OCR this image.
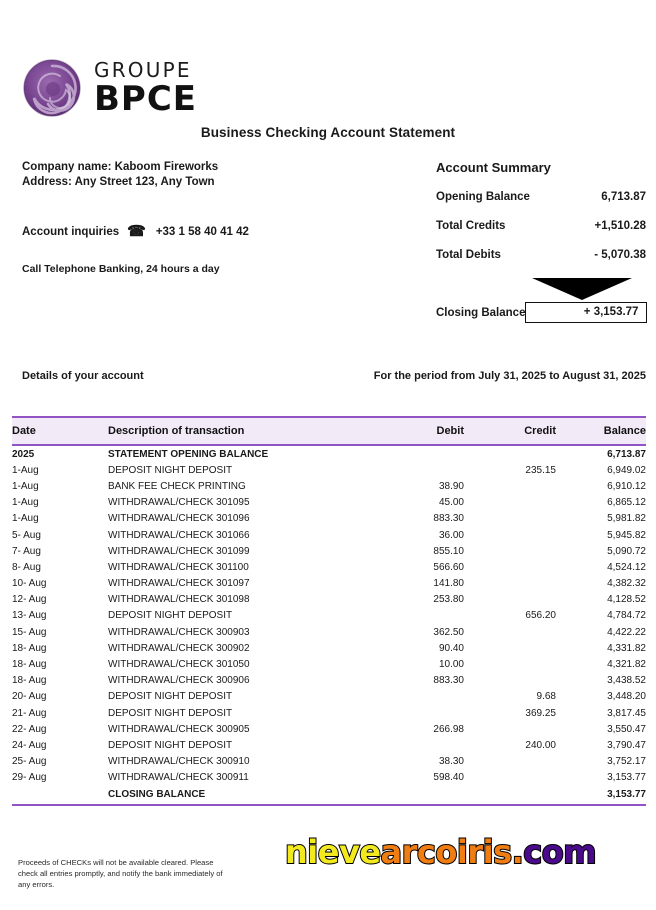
GROUPE
BPCE
Business Checking Account Statement
Company name: Kaboom Fireworks
Address: Any Street 123, Any Town
Account inquiries ☎ +33 1 58 40 41 42
Call Telephone Banking, 24 hours a day
Account Summary
Opening Balance	6,713.87
Total Credits	+1,510.28
Total Debits	- 5,070.38
Closing Balance	+ 3,153.77
Details of your account	For the period from July 31, 2025 to August 31, 2025
Date	Description of transaction	Debit	Credit	Balance
2025	STATEMENT OPENING BALANCE			6,713.87
1-Aug	DEPOSIT NIGHT DEPOSIT		235.15	6,949.02
1-Aug	BANK FEE CHECK PRINTING	38.90		6,910.12
1-Aug	WITHDRAWAL/CHECK 301095	45.00		6,865.12
1-Aug	WITHDRAWAL/CHECK 301096	883.30		5,981.82
5- Aug	WITHDRAWAL/CHECK 301066	36.00		5,945.82
7- Aug	WITHDRAWAL/CHECK 301099	855.10		5,090.72
8- Aug	WITHDRAWAL/CHECK 301100	566.60		4,524.12
10- Aug	WITHDRAWAL/CHECK 301097	141.80		4,382.32
12- Aug	WITHDRAWAL/CHECK 301098	253.80		4,128.52
13- Aug	DEPOSIT NIGHT DEPOSIT		656.20	4,784.72
15- Aug	WITHDRAWAL/CHECK 300903	362.50		4,422.22
18- Aug	WITHDRAWAL/CHECK 300902	90.40		4,331.82
18- Aug	WITHDRAWAL/CHECK 301050	10.00		4,321.82
18- Aug	WITHDRAWAL/CHECK 300906	883.30		3,438.52
20- Aug	DEPOSIT NIGHT DEPOSIT		9.68	3,448.20
21- Aug	DEPOSIT NIGHT DEPOSIT		369.25	3,817.45
22- Aug	WITHDRAWAL/CHECK 300905	266.98		3,550.47
24- Aug	DEPOSIT NIGHT DEPOSIT		240.00	3,790.47
25- Aug	WITHDRAWAL/CHECK 300910	38.30		3,752.17
29- Aug	WITHDRAWAL/CHECK 300911	598.40		3,153.77
	CLOSING BALANCE			3,153.77
Proceeds of CHECKs will not be available cleared. Please check all entries promptly, and notify the bank immediately of any errors.
nievearcoiris.com
